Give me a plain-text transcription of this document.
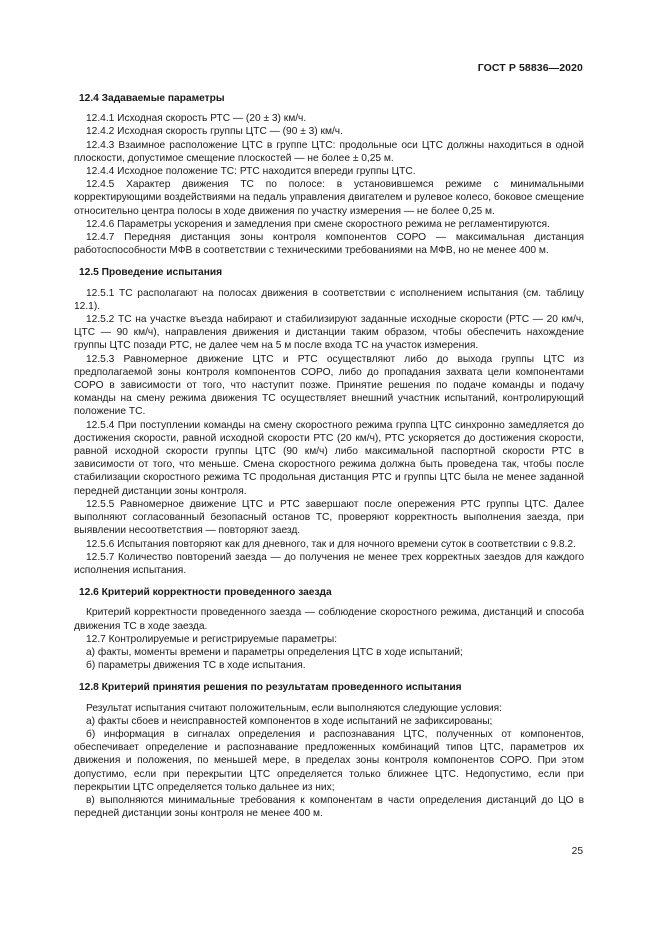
ГОСТ Р 58836—2020
12.4 Задаваемые параметры
12.4.1 Исходная скорость РТС — (20 ± 3) км/ч.
12.4.2 Исходная скорость группы ЦТС — (90 ± 3) км/ч.
12.4.3 Взаимное расположение ЦТС в группе ЦТС: продольные оси ЦТС должны находиться в одной плоскости, допустимое смещение плоскостей — не более ± 0,25 м.
12.4.4 Исходное положение ТС: РТС находится впереди группы ЦТС.
12.4.5 Характер движения ТС по полосе: в установившемся режиме с минимальными корректирующими воздействиями на педаль управления двигателем и рулевое колесо, боковое смещение относительно центра полосы в ходе движения по участку измерения — не более 0,25 м.
12.4.6 Параметры ускорения и замедления при смене скоростного режима не регламентируются.
12.4.7 Передняя дистанция зоны контроля компонентов СОРО — максимальная дистанция работоспособности МФВ в соответствии с техническими требованиями на МФВ, но не менее 400 м.
12.5 Проведение испытания
12.5.1 ТС располагают на полосах движения в соответствии с исполнением испытания (см. таблицу 12.1).
12.5.2 ТС на участке въезда набирают и стабилизируют заданные исходные скорости (РТС — 20 км/ч, ЦТС — 90 км/ч), направления движения и дистанции таким образом, чтобы обеспечить нахождение группы ЦТС позади РТС, не далее чем на 5 м после входа ТС на участок измерения.
12.5.3 Равномерное движение ЦТС и РТС осуществляют либо до выхода группы ЦТС из предполагаемой зоны контроля компонентов СОРО, либо до пропадания захвата цели компонентами СОРО в зависимости от того, что наступит позже. Принятие решения по подаче команды и подачу команды на смену режима движения ТС осуществляет внешний участник испытаний, контролирующий положение ТС.
12.5.4 При поступлении команды на смену скоростного режима группа ЦТС синхронно замедляется до достижения скорости, равной исходной скорости РТС (20 км/ч), РТС ускоряется до достижения скорости, равной исходной скорости группы ЦТС (90 км/ч) либо максимальной паспортной скорости РТС в зависимости от того, что меньше. Смена скоростного режима должна быть проведена так, чтобы после стабилизации скоростного режима ТС продольная дистанция РТС и группы ЦТС была не менее заданной передней дистанции зоны контроля.
12.5.5 Равномерное движение ЦТС и РТС завершают после опережения РТС группы ЦТС. Далее выполняют согласованный безопасный останов ТС, проверяют корректность выполнения заезда, при выявлении несоответствия — повторяют заезд.
12.5.6 Испытания повторяют как для дневного, так и для ночного времени суток в соответствии с 9.8.2.
12.5.7 Количество повторений заезда — до получения не менее трех корректных заездов для каждого исполнения испытания.
12.6 Критерий корректности проведенного заезда
Критерий корректности проведенного заезда — соблюдение скоростного режима, дистанций и способа движения ТС в ходе заезда.
12.7 Контролируемые и регистрируемые параметры:
а) факты, моменты времени и параметры определения ЦТС в ходе испытаний;
б) параметры движения ТС в ходе испытания.
12.8 Критерий принятия решения по результатам проведенного испытания
Результат испытания считают положительным, если выполняются следующие условия:
а) факты сбоев и неисправностей компонентов в ходе испытаний не зафиксированы;
б) информация в сигналах определения и распознавания ЦТС, полученных от компонентов, обеспечивает определение и распознавание предложенных комбинаций типов ЦТС, параметров их движения и положения, по меньшей мере, в пределах зоны контроля компонентов СОРО. При этом допустимо, если при перекрытии ЦТС определяется только ближнее ЦТС. Недопустимо, если при перекрытии ЦТС определяется только дальнее из них;
в) выполняются минимальные требования к компонентам в части определения дистанций до ЦО в передней дистанции зоны контроля не менее 400 м.
25
